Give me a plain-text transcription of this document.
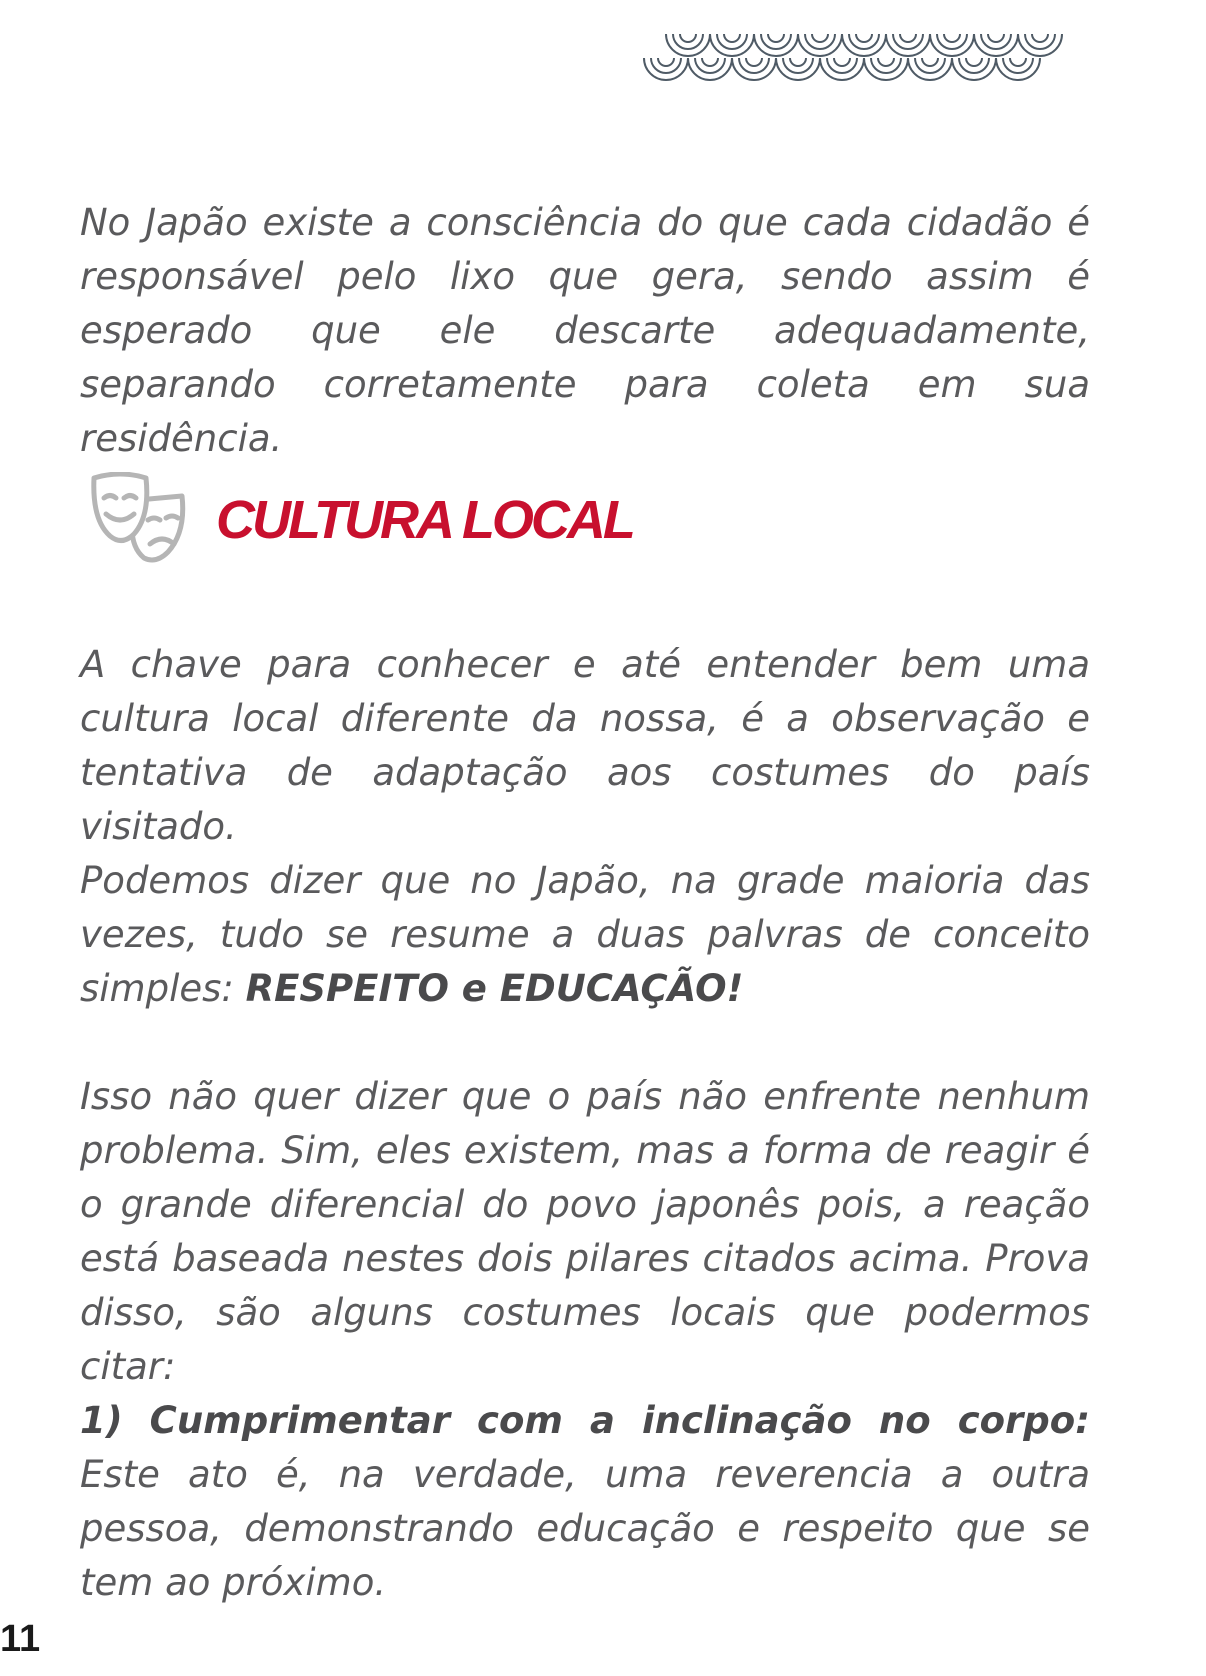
No Japão existe a consciência do que cada cidadão é responsável pelo lixo que gera, sendo assim é esperado que ele descarte adequadamente, separando corretamente para coleta em sua residência.

CULTURA LOCAL

A chave para conhecer e até entender bem uma cultura local diferente da nossa, é a observação e tentativa de adaptação aos costumes do país visitado.

Podemos dizer que no Japão, na grade maioria das vezes, tudo se resume a duas palvras de conceito simples: RESPEITO e EDUCAÇÃO!

Isso não quer dizer que o país não enfrente nenhum problema. Sim, eles existem, mas a forma de reagir é o grande diferencial do povo japonês pois, a reação está baseada nestes dois pilares citados acima. Prova disso, são alguns costumes locais que podermos citar:

1) Cumprimentar com a inclinação no corpo: Este ato é, na verdade, uma reverencia a outra pessoa, demonstrando educação e respeito que se tem ao próximo.

11
